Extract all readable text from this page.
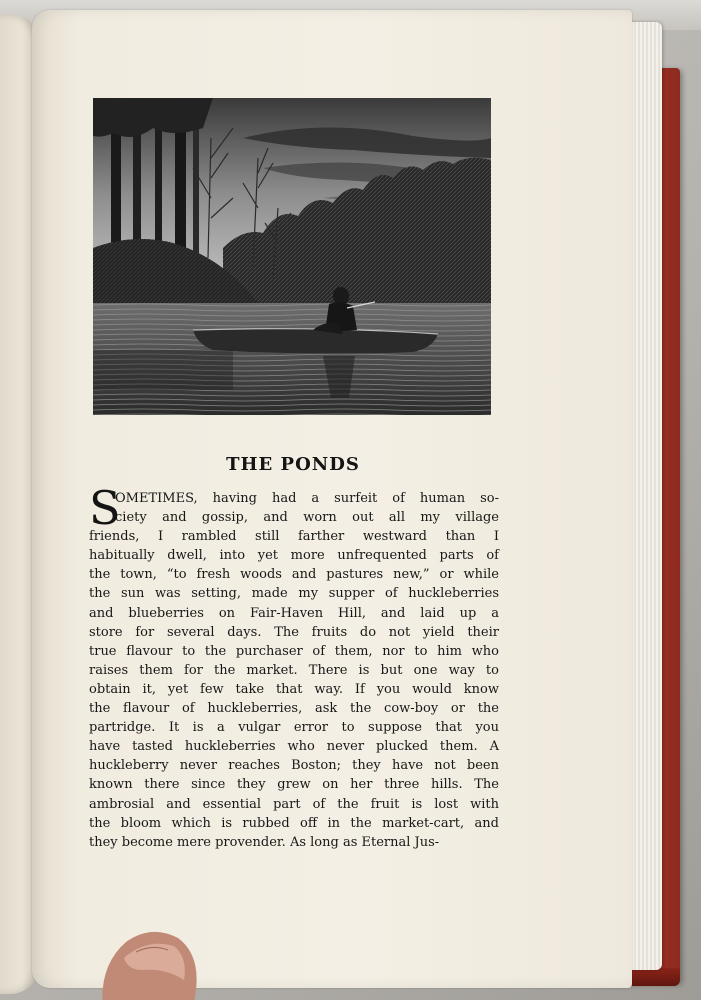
THE PONDS
S
OMETIMES, having had a surfeit of human so-
ciety and gossip, and worn out all my village
friends, I rambled still farther westward than I
habitually dwell, into yet more unfrequented parts of
the town, “to fresh woods and pastures new,” or while
the sun was setting, made my supper of huckleberries
and blueberries on Fair-Haven Hill, and laid up a
store for several days. The fruits do not yield their
true flavour to the purchaser of them, nor to him who
raises them for the market. There is but one way to
obtain it, yet few take that way. If you would know
the flavour of huckleberries, ask the cow-boy or the
partridge. It is a vulgar error to suppose that you
have tasted huckleberries who never plucked them. A
huckleberry never reaches Boston; they have not been
known there since they grew on her three hills. The
ambrosial and essential part of the fruit is lost with
the bloom which is rubbed off in the market-cart, and
they become mere provender. As long as Eternal Jus-
